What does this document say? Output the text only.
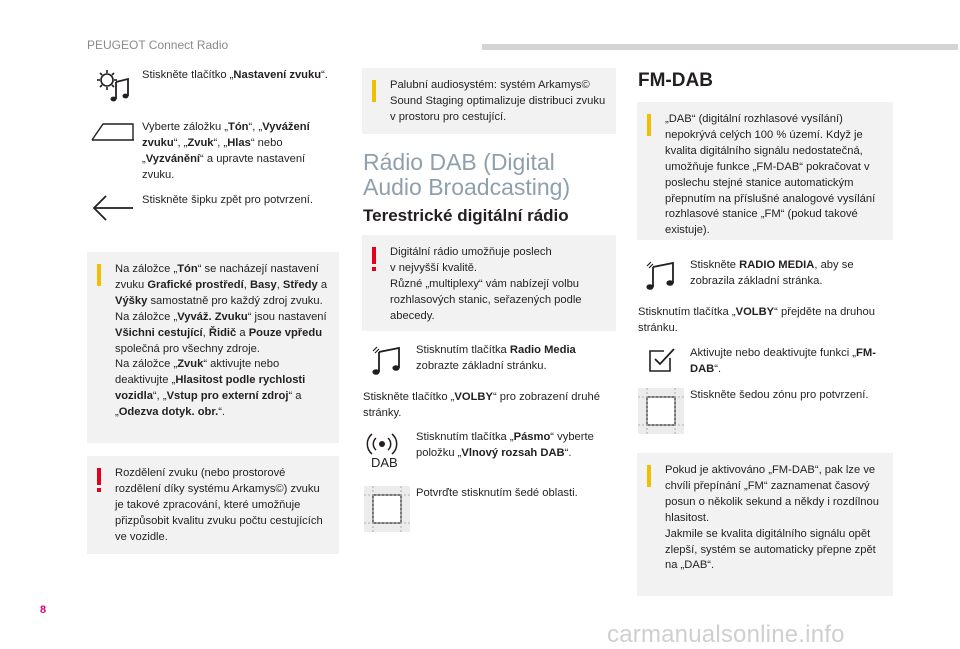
PEUGEOT Connect Radio
Stiskněte tlačítko „Nastavení zvuku“.
Vyberte záložku „Tón“, „Vyvážení zvuku“, „Zvuk“, „Hlas“ nebo „Vyzvánění“ a upravte nastavení zvuku.
Stiskněte šipku zpět pro potvrzení.
Na záložce „Tón“ se nacházejí nastavení zvuku Grafické prostředí, Basy, Středy a Výšky samostatně pro každý zdroj zvuku.
Na záložce „Vyváž. Zvuku“ jsou nastavení Všichni cestující, Řidič a Pouze vpředu společná pro všechny zdroje.
Na záložce „Zvuk“ aktivujte nebo deaktivujte „Hlasitost podle rychlosti vozidla“, „Vstup pro externí zdroj“ a „Odezva dotyk. obr.“.
Rozdělení zvuku (nebo prostorové rozdělení díky systému Arkamys©) zvuku je takové zpracování, které umožňuje přizpůsobit kvalitu zvuku počtu cestujících ve vozidle.
Palubní audiosystém: systém Arkamys© Sound Staging optimalizuje distribuci zvuku v prostoru pro cestující.
Rádio DAB (Digital Audio Broadcasting)
Terestrické digitální rádio
Digitální rádio umožňuje poslech
v nejvyšší kvalitě.
Různé „multiplexy“ vám nabízejí volbu rozhlasových stanic, seřazených podle abecedy.
Stisknutím tlačítka Radio Media zobrazte základní stránku.
Stiskněte tlačítko „VOLBY“ pro zobrazení druhé stránky.
DAB
Stisknutím tlačítka „Pásmo“ vyberte položku „Vlnový rozsah DAB“.
Potvrďte stisknutím šedé oblasti.
FM-DAB
„DAB“ (digitální rozhlasové vysílání) nepokrývá celých 100 % území. Když je kvalita digitálního signálu nedostatečná, umožňuje funkce „FM-DAB“ pokračovat v poslechu stejné stanice automatickým přepnutím na příslušné analogové vysílání rozhlasové stanice „FM“ (pokud takové existuje).
Stiskněte RADIO MEDIA, aby se zobrazila základní stránka.
Stisknutím tlačítka „VOLBY“ přejděte na druhou stránku.
Aktivujte nebo deaktivujte funkci „FM-DAB“.
Stiskněte šedou zónu pro potvrzení.
Pokud je aktivováno „FM-DAB“, pak lze ve chvíli přepínání „FM“ zaznamenat časový posun o několik sekund a někdy i rozdílnou hlasitost.
Jakmile se kvalita digitálního signálu opět zlepší, systém se automaticky přepne zpět na „DAB“.
8
carmanualsonline.info
